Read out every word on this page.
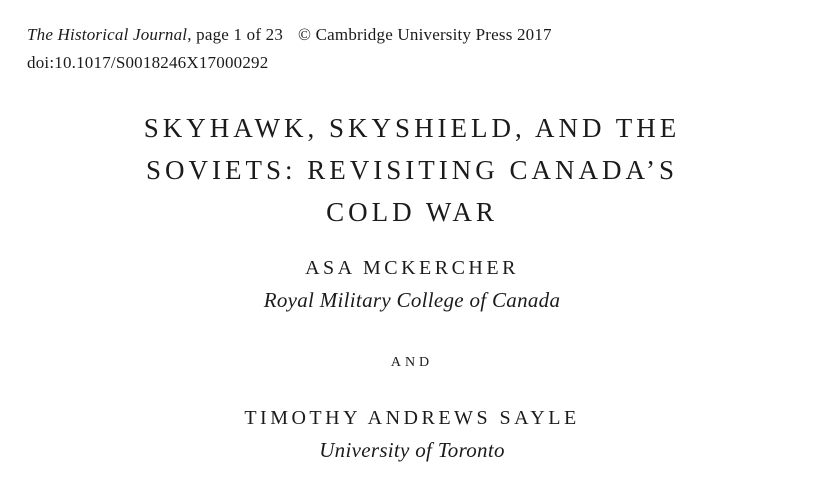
The Historical Journal, page 1 of 23 © Cambridge University Press 2017
doi:10.1017/S0018246X17000292
SKYHAWK, SKYSHIELD, AND THE
SOVIETS: REVISITING CANADA’S
COLD WAR
ASA MCKERCHER
Royal Military College of Canada
AND
TIMOTHY ANDREWS SAYLE
University of Toronto
